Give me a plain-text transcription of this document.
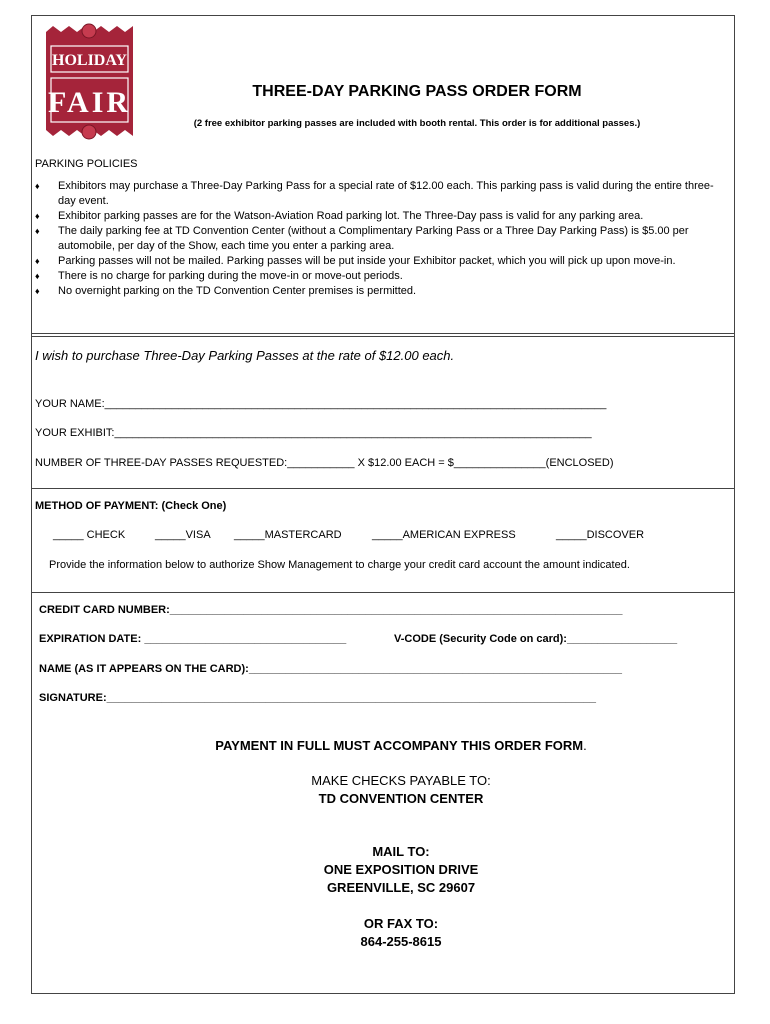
HOLIDAY
FAIR	THREE-DAY PARKING PASS ORDER FORM
(2 free exhibitor parking passes are included with booth rental. This order is for additional passes.)
PARKING POLICIES
♦ Exhibitors may purchase a Three-Day Parking Pass for a special rate of $12.00 each. This parking pass is valid during the entire three-day event.
♦ Exhibitor parking passes are for the Watson-Aviation Road parking lot. The Three-Day pass is valid for any parking area.
♦ The daily parking fee at TD Convention Center (without a Complimentary Parking Pass or a Three Day Parking Pass) is $5.00 per automobile, per day of the Show, each time you enter a parking area.
♦ Parking passes will not be mailed. Parking passes will be put inside your Exhibitor packet, which you will pick up upon move-in.
♦ There is no charge for parking during the move-in or move-out periods.
♦ No overnight parking on the TD Convention Center premises is permitted.
I wish to purchase Three-Day Parking Passes at the rate of $12.00 each.
YOUR NAME:__________________________________________________________________________________
YOUR EXHIBIT:______________________________________________________________________________
NUMBER OF THREE-DAY PASSES REQUESTED:___________ X $12.00 EACH = $_______________(ENCLOSED)
METHOD OF PAYMENT: (Check One)
_____ CHECK	_____VISA _____MASTERCARD	_____AMERICAN EXPRESS	_____DISCOVER
Provide the information below to authorize Show Management to charge your credit card account the amount indicated.
CREDIT CARD NUMBER:__________________________________________________________________________
EXPIRATION DATE: _________________________________	V-CODE (Security Code on card):__________________
NAME (AS IT APPEARS ON THE CARD):_____________________________________________________________
SIGNATURE:________________________________________________________________________________
PAYMENT IN FULL MUST ACCOMPANY THIS ORDER FORM.
MAKE CHECKS PAYABLE TO:
TD CONVENTION CENTER
MAIL TO:
ONE EXPOSITION DRIVE
GREENVILLE, SC 29607
OR FAX TO:
864-255-8615
